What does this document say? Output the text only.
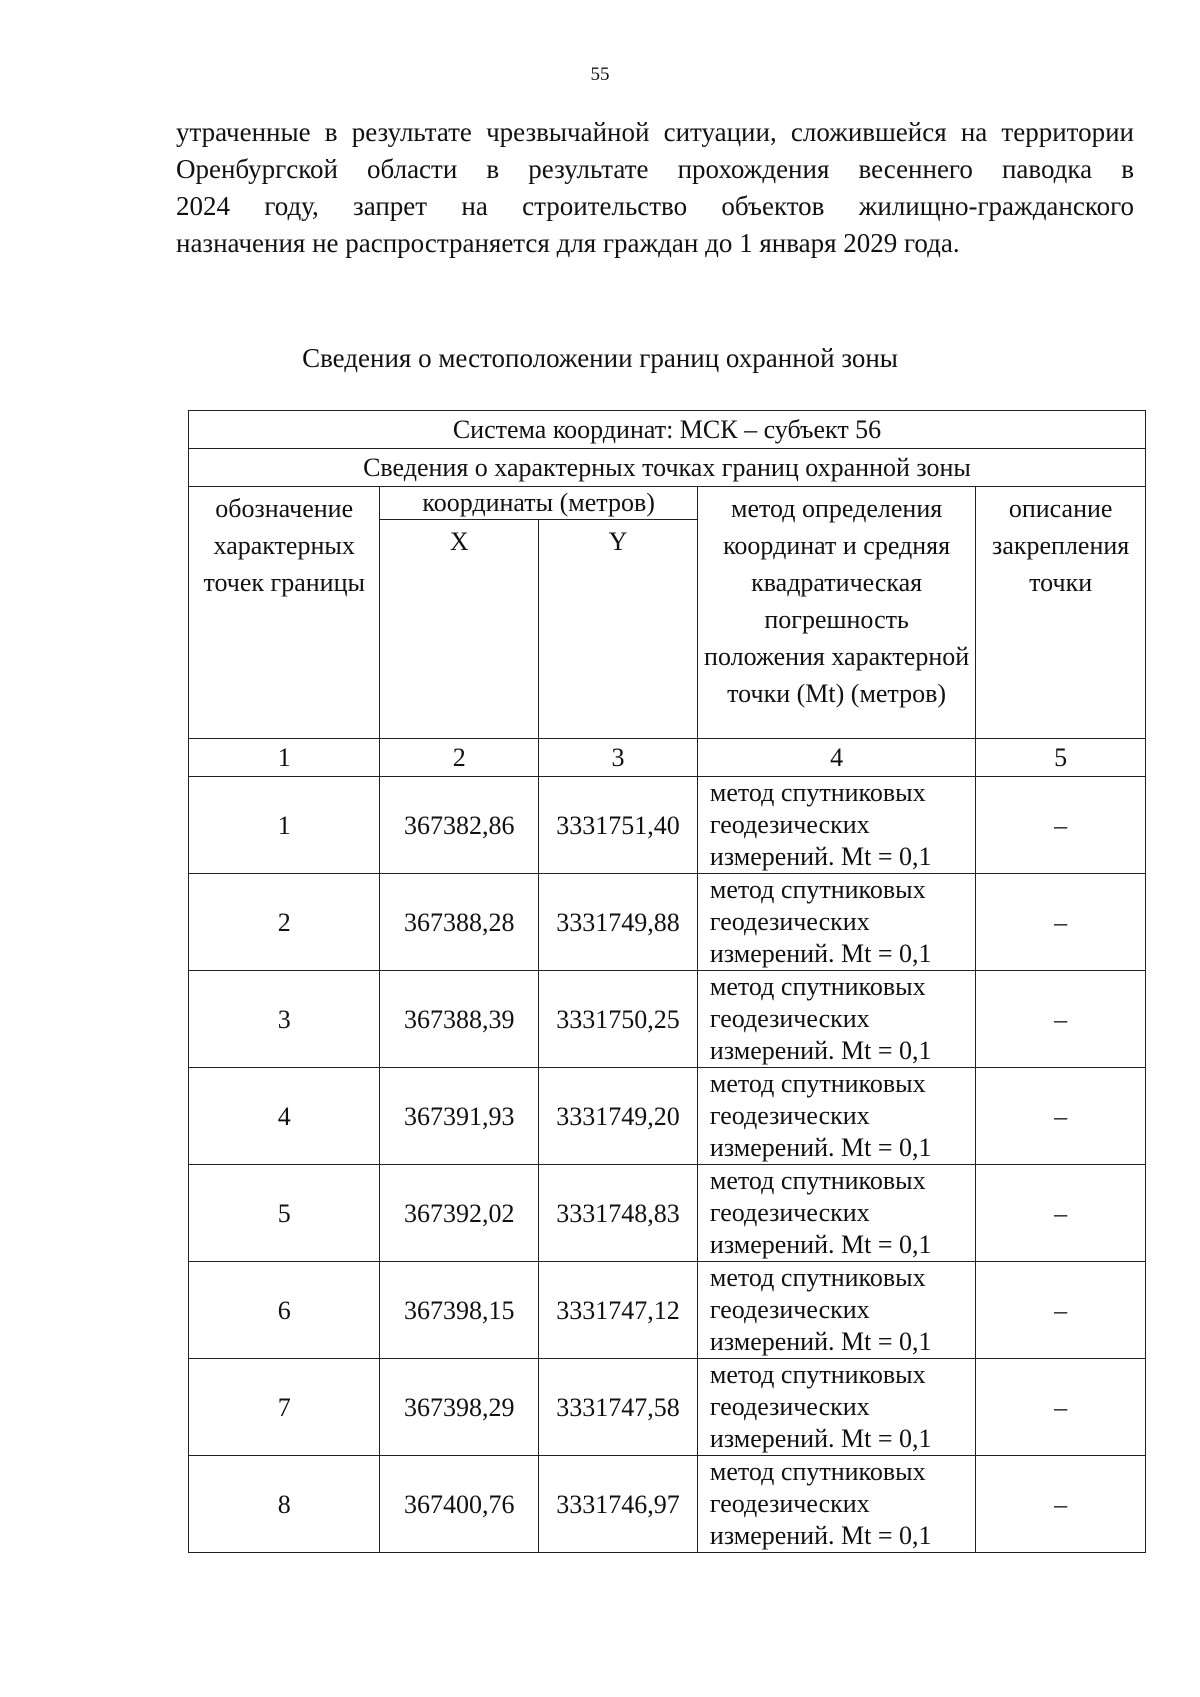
55
утраченные в результате чрезвычайной ситуации, сложившейся на территории
Оренбургской области в результате прохождения весеннего паводка в
2024 году, запрет на строительство объектов жилищно-гражданского
назначения не распространяется для граждан до 1 января 2029 года.
Сведения о местоположении границ охранной зоны
Система координат: МСК – субъект 56				
Сведения о характерных точках границ охранной зоны				
обозначение характерных точек границы	координаты (метров)		метод определения координат и средняя квадратическая погрешность положения характерной точки (Mt) (метров)	описание закрепления точки
	X	Y		
1	2	3	4	5
1	367382,86	3331751,40	метод спутниковых геодезических измерений. Mt = 0,1	–
2	367388,28	3331749,88	метод спутниковых геодезических измерений. Mt = 0,1	–
3	367388,39	3331750,25	метод спутниковых геодезических измерений. Mt = 0,1	–
4	367391,93	3331749,20	метод спутниковых геодезических измерений. Mt = 0,1	–
5	367392,02	3331748,83	метод спутниковых геодезических измерений. Mt = 0,1	–
6	367398,15	3331747,12	метод спутниковых геодезических измерений. Mt = 0,1	–
7	367398,29	3331747,58	метод спутниковых геодезических измерений. Mt = 0,1	–
8	367400,76	3331746,97	метод спутниковых геодезических измерений. Mt = 0,1	–
